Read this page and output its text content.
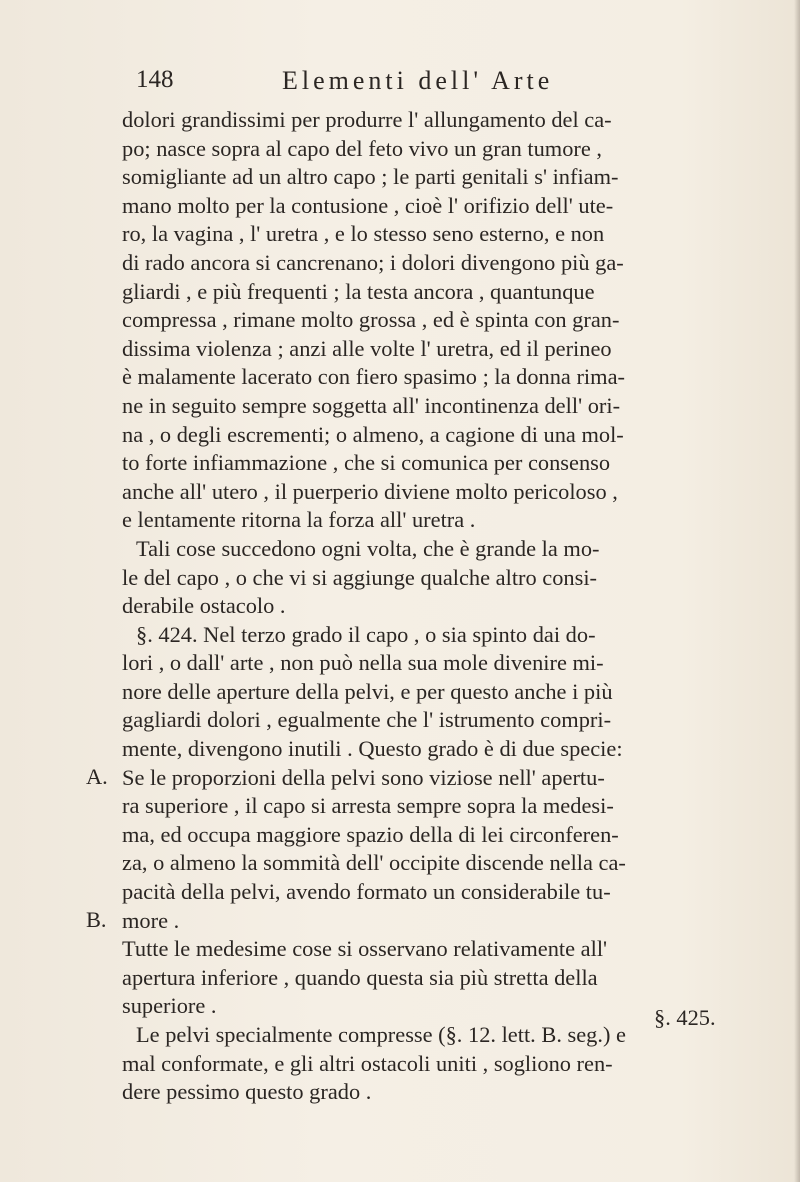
148	Elementi dell' Arte
dolori grandissimi per produrre l' allungamento del ca-
po; nasce sopra al capo del feto vivo un gran tumore ,
somigliante ad un altro capo ; le parti genitali s' infiam-
mano molto per la contusione , cioè l' orifizio dell' ute-
ro, la vagina , l' uretra , e lo stesso seno esterno, e non
di rado ancora si cancrenano; i dolori divengono più ga-
gliardi , e più frequenti ; la testa ancora , quantunque
compressa , rimane molto grossa , ed è spinta con gran-
dissima violenza ; anzi alle volte l' uretra, ed il perineo
è malamente lacerato con fiero spasimo ; la donna rima-
ne in seguito sempre soggetta all' incontinenza dell' ori-
na , o degli escrementi; o almeno, a cagione di una mol-
to forte infiammazione , che si comunica per consenso
anche all' utero , il puerperio diviene molto pericoloso ,
e lentamente ritorna la forza all' uretra .
Tali cose succedono ogni volta, che è grande la mo-
le del capo , o che vi si aggiunge qualche altro consi-
derabile ostacolo .
§. 424. Nel terzo grado il capo , o sia spinto dai do-
lori , o dall' arte , non può nella sua mole divenire mi-
nore delle aperture della pelvi, e per questo anche i più
gagliardi dolori , egualmente che l' istrumento compri-
mente, divengono inutili . Questo grado è di due specie:
Se le proporzioni della pelvi sono viziose nell' apertu-
ra superiore , il capo si arresta sempre sopra la medesi-
ma, ed occupa maggiore spazio della di lei circonferen-
za, o almeno la sommità dell' occipite discende nella ca-
pacità della pelvi, avendo formato un considerabile tu-
more .
Tutte le medesime cose si osservano relativamente all'
apertura inferiore , quando questa sia più stretta della
superiore .
Le pelvi specialmente compresse (§. 12. lett. B. seg.) e
mal conformate, e gli altri ostacoli uniti , sogliono ren-
dere pessimo questo grado .
A.
B.
§. 425.
